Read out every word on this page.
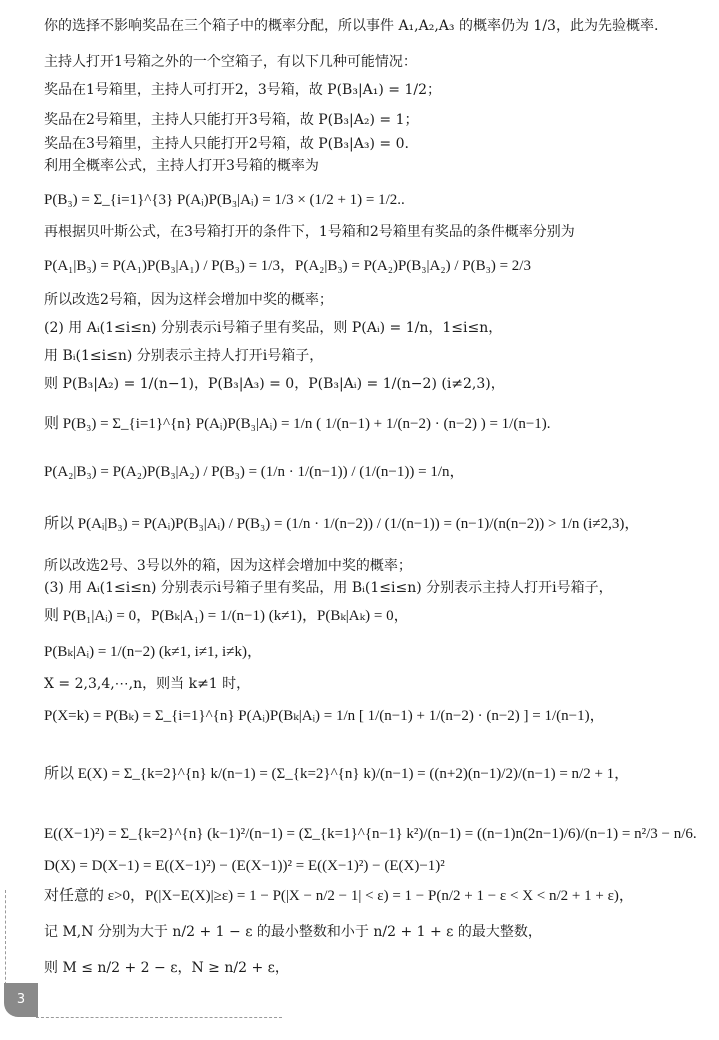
你的选择不影响奖品在三个箱子中的概率分配，所以事件 A₁,A₂,A₃ 的概率仍为 1/3，此为先验概率.
主持人打开1号箱之外的一个空箱子，有以下几种可能情况：
奖品在1号箱里，主持人可打开2，3号箱，故 P(B₃|A₁) = 1/2；
奖品在2号箱里，主持人只能打开3号箱，故 P(B₃|A₂) = 1；
奖品在3号箱里，主持人只能打开2号箱，故 P(B₃|A₃) = 0.
利用全概率公式，主持人打开3号箱的概率为
P(B₃) = Σ_{i=1}^{3} P(Aᵢ)P(B₃|Aᵢ) = 1/3 × (1/2 + 1) = 1/2..
再根据贝叶斯公式，在3号箱打开的条件下，1号箱和2号箱里有奖品的条件概率分别为
P(A₁|B₃) = P(A₁)P(B₃|A₁) / P(B₃) = 1/3，P(A₂|B₃) = P(A₂)P(B₃|A₂) / P(B₃) = 2/3
所以改选2号箱，因为这样会增加中奖的概率；
(2) 用 Aᵢ(1≤i≤n) 分别表示i号箱子里有奖品，则 P(Aᵢ) = 1/n，1≤i≤n，
用 Bᵢ(1≤i≤n) 分别表示主持人打开i号箱子，
则 P(B₃|A₂) = 1/(n−1)，P(B₃|A₃) = 0，P(B₃|Aᵢ) = 1/(n−2) (i≠2,3)，
则 P(B₃) = Σ_{i=1}^{n} P(Aᵢ)P(B₃|Aᵢ) = 1/n ( 1/(n−1) + 1/(n−2) · (n−2) ) = 1/(n−1).
P(A₂|B₃) = P(A₂)P(B₃|A₂) / P(B₃) = (1/n · 1/(n−1)) / (1/(n−1)) = 1/n，
所以 P(Aᵢ|B₃) = P(Aᵢ)P(B₃|Aᵢ) / P(B₃) = (1/n · 1/(n−2)) / (1/(n−1)) = (n−1)/(n(n−2)) > 1/n (i≠2,3)，
所以改选2号、3号以外的箱，因为这样会增加中奖的概率；
(3) 用 Aᵢ(1≤i≤n) 分别表示i号箱子里有奖品，用 Bᵢ(1≤i≤n) 分别表示主持人打开i号箱子，
则 P(B₁|Aᵢ) = 0，P(Bₖ|A₁) = 1/(n−1) (k≠1)，P(Bₖ|Aₖ) = 0，
P(Bₖ|Aᵢ) = 1/(n−2) (k≠1, i≠1, i≠k)，
X = 2,3,4,⋯,n，则当 k≠1 时，
P(X=k) = P(Bₖ) = Σ_{i=1}^{n} P(Aᵢ)P(Bₖ|Aᵢ) = 1/n [ 1/(n−1) + 1/(n−2) · (n−2) ] = 1/(n−1)，
所以 E(X) = Σ_{k=2}^{n} k/(n−1) = (Σ_{k=2}^{n} k)/(n−1) = ((n+2)(n−1)/2)/(n−1) = n/2 + 1，
E((X−1)²) = Σ_{k=2}^{n} (k−1)²/(n−1) = (Σ_{k=1}^{n−1} k²)/(n−1) = ((n−1)n(2n−1)/6)/(n−1) = n²/3 − n/6.
D(X) = D(X−1) = E((X−1)²) − (E(X−1))² = E((X−1)²) − (E(X)−1)²
对任意的 ε>0，P(|X−E(X)|≥ε) = 1 − P(|X − n/2 − 1| < ε) = 1 − P(n/2 + 1 − ε < X < n/2 + 1 + ε)，
记 M,N 分别为大于 n/2 + 1 − ε 的最小整数和小于 n/2 + 1 + ε 的最大整数，
则 M ≤ n/2 + 2 − ε，N ≥ n/2 + ε，
3
